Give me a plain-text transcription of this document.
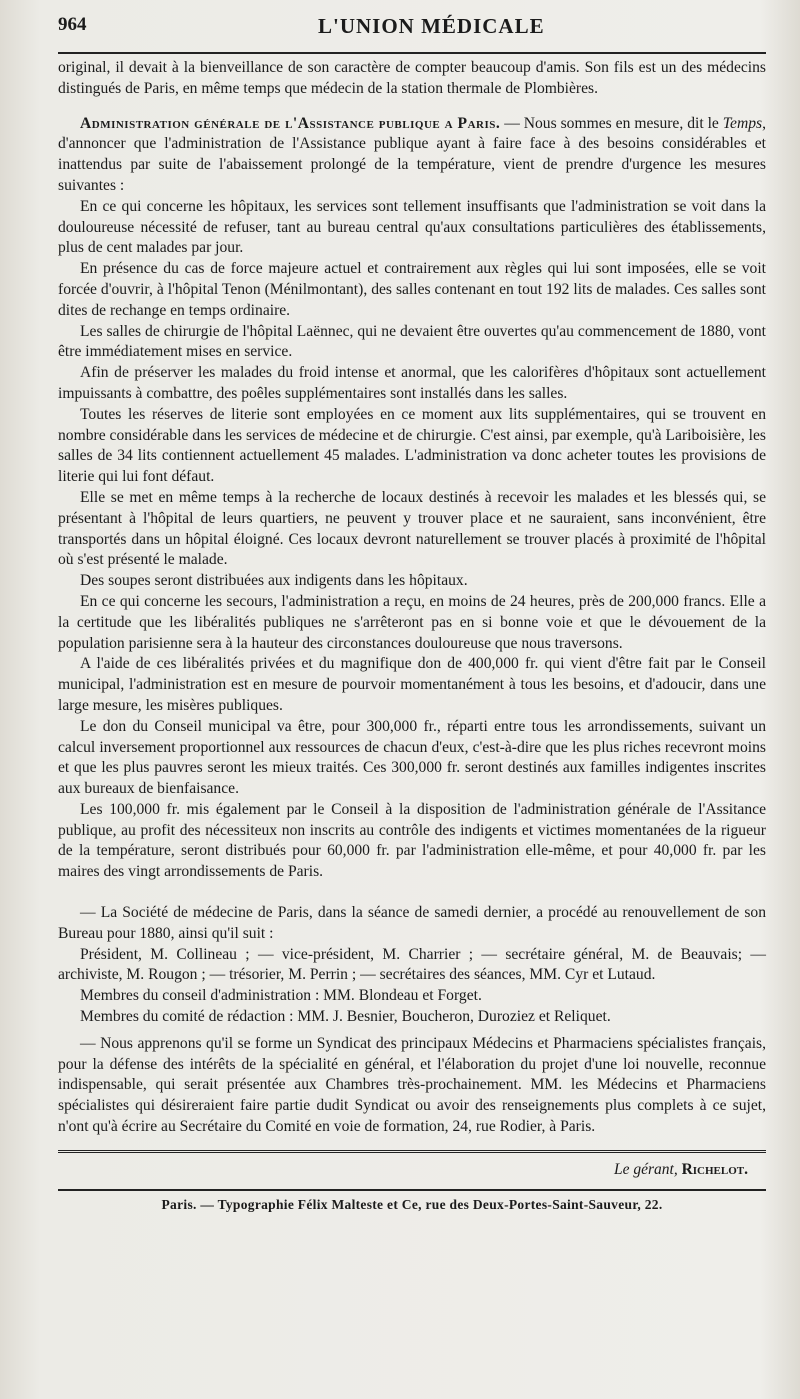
964	L'UNION MÉDICALE

original, il devait à la bienveillance de son caractère de compter beaucoup d'amis. Son fils est un des médecins distingués de Paris, en même temps que médecin de la station thermale de Plombières.

Administration générale de l'Assistance publique a Paris. — Nous sommes en mesure, dit le Temps, d'annoncer que l'administration de l'Assistance publique ayant à faire face à des besoins considérables et inattendus par suite de l'abaissement prolongé de la température, vient de prendre d'urgence les mesures suivantes :

En ce qui concerne les hôpitaux, les services sont tellement insuffisants que l'administration se voit dans la douloureuse nécessité de refuser, tant au bureau central qu'aux consultations particulières des établissements, plus de cent malades par jour.

En présence du cas de force majeure actuel et contrairement aux règles qui lui sont imposées, elle se voit forcée d'ouvrir, à l'hôpital Tenon (Ménilmontant), des salles contenant en tout 192 lits de malades. Ces salles sont dites de rechange en temps ordinaire.

Les salles de chirurgie de l'hôpital Laënnec, qui ne devaient être ouvertes qu'au commencement de 1880, vont être immédiatement mises en service.

Afin de préserver les malades du froid intense et anormal, que les calorifères d'hôpitaux sont actuellement impuissants à combattre, des poêles supplémentaires sont installés dans les salles.

Toutes les réserves de literie sont employées en ce moment aux lits supplémentaires, qui se trouvent en nombre considérable dans les services de médecine et de chirurgie. C'est ainsi, par exemple, qu'à Lariboisière, les salles de 34 lits contiennent actuellement 45 malades. L'administration va donc acheter toutes les provisions de literie qui lui font défaut.

Elle se met en même temps à la recherche de locaux destinés à recevoir les malades et les blessés qui, se présentant à l'hôpital de leurs quartiers, ne peuvent y trouver place et ne sauraient, sans inconvénient, être transportés dans un hôpital éloigné. Ces locaux devront naturellement se trouver placés à proximité de l'hôpital où s'est présenté le malade.

Des soupes seront distribuées aux indigents dans les hôpitaux.

En ce qui concerne les secours, l'administration a reçu, en moins de 24 heures, près de 200,000 francs. Elle a la certitude que les libéralités publiques ne s'arrêteront pas en si bonne voie et que le dévouement de la population parisienne sera à la hauteur des circonstances douloureuse que nous traversons.

A l'aide de ces libéralités privées et du magnifique don de 400,000 fr. qui vient d'être fait par le Conseil municipal, l'administration est en mesure de pourvoir momentanément à tous les besoins, et d'adoucir, dans une large mesure, les misères publiques.

Le don du Conseil municipal va être, pour 300,000 fr., réparti entre tous les arrondissements, suivant un calcul inversement proportionnel aux ressources de chacun d'eux, c'est-à-dire que les plus riches recevront moins et que les plus pauvres seront les mieux traités. Ces 300,000 fr. seront destinés aux familles indigentes inscrites aux bureaux de bienfaisance.

Les 100,000 fr. mis également par le Conseil à la disposition de l'administration générale de l'Assitance publique, au profit des nécessiteux non inscrits au contrôle des indigents et victimes momentanées de la rigueur de la température, seront distribués pour 60,000 fr. par l'administration elle-même, et pour 40,000 fr. par les maires des vingt arrondissements de Paris.

— La Société de médecine de Paris, dans la séance de samedi dernier, a procédé au renouvellement de son Bureau pour 1880, ainsi qu'il suit :

Président, M. Collineau ; — vice-président, M. Charrier ; — secrétaire général, M. de Beauvais; — archiviste, M. Rougon ; — trésorier, M. Perrin ; — secrétaires des séances, MM. Cyr et Lutaud.

Membres du conseil d'administration : MM. Blondeau et Forget.

Membres du comité de rédaction : MM. J. Besnier, Boucheron, Duroziez et Reliquet.

— Nous apprenons qu'il se forme un Syndicat des principaux Médecins et Pharmaciens spécialistes français, pour la défense des intérêts de la spécialité en général, et l'élaboration du projet d'une loi nouvelle, reconnue indispensable, qui serait présentée aux Chambres très-prochainement. MM. les Médecins et Pharmaciens spécialistes qui désireraient faire partie dudit Syndicat ou avoir des renseignements plus complets à ce sujet, n'ont qu'à écrire au Secrétaire du Comité en voie de formation, 24, rue Rodier, à Paris.

Le gérant, Richelot.
Paris. — Typographie Félix Malteste et Ce, rue des Deux-Portes-Saint-Sauveur, 22.
